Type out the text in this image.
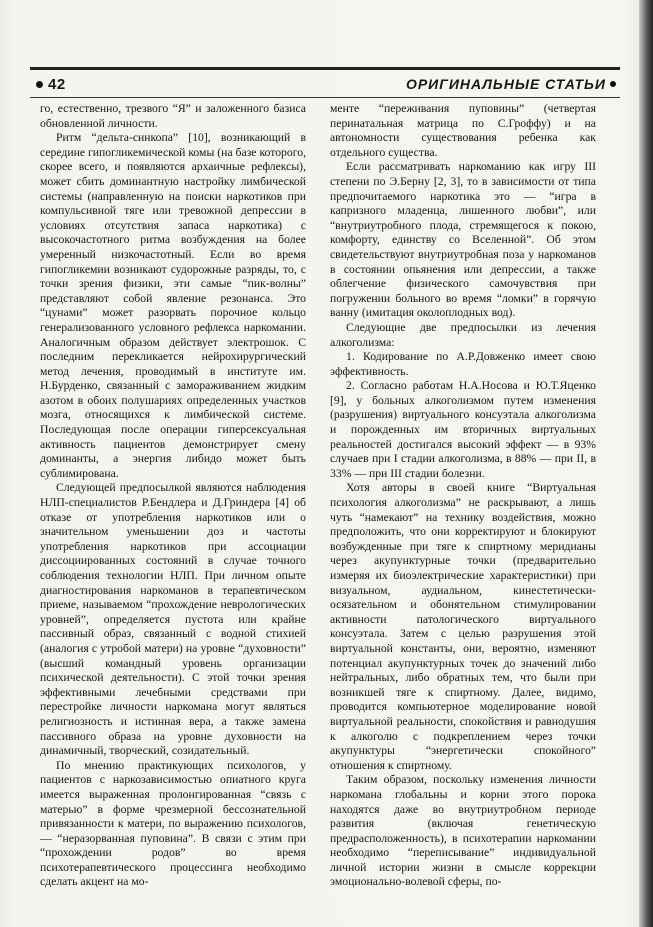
42	ОРИГИНАЛЬНЫЕ СТАТЬИ

го, естественно, трезвого “Я” и заложенного базиса обновленной личности.

Ритм “дельта-синкопа” [10], возникающий в середине гипогликемической комы (на базе которого, скорее всего, и появляются архаичные рефлексы), может сбить доминантную настройку лимбической системы (направленную на поиски наркотиков при компульсивной тяге или тревожной депрессии в условиях отсутствия запаса наркотика) с высокочастотного ритма возбуждения на более умеренный низкочастотный. Если во время гипогликемии возникают судорожные разряды, то, с точки зрения физики, эти самые “пик-волны” представляют собой явление резонанса. Это “цунами” может разорвать порочное кольцо генерализованного условного рефлекса наркомании. Аналогичным образом действует электрошок. С последним перекликается нейрохирургический метод лечения, проводимый в институте им. Н.Бурденко, связанный с замораживанием жидким азотом в обоих полушариях определенных участков мозга, относящихся к лимбической системе. Последующая после операции гиперсексуальная активность пациентов демонстрирует смену доминанты, а энергия либидо может быть сублимирована.

Следующей предпосылкой являются наблюдения НЛП-специалистов Р.Бендлера и Д.Гриндера [4] об отказе от употребления наркотиков или о значительном уменьшении доз и частоты употребления наркотиков при ассоциации диссоциированных состояний в случае точного соблюдения технологии НЛП. При личном опыте диагностирования наркоманов в терапевтическом приеме, называемом “прохождение неврологических уровней”, определяется пустота или крайне пассивный образ, связанный с водной стихией (аналогия с утробой матери) на уровне “духовности” (высший командный уровень организации психической деятельности). С этой точки зрения эффективными лечебными средствами при перестройке личности наркомана могут являться религиозность и истинная вера, а также замена пассивного образа на уровне духовности на динамичный, творческий, созидательный.

По мнению практикующих психологов, у пациентов с наркозависимостью опиатного круга имеется выраженная пролонгированная “связь с матерью” в форме чрезмерной бессознательной привязанности к матери, по выражению психологов, — “неразорванная пуповина”. В связи с этим при “прохождении родов” во время психотерапевтического процессинга необходимо сделать акцент на мо-

менте “переживания пуповины” (четвертая перинатальная матрица по С.Гроффу) и на автономности существования ребенка как отдельного существа.

Если рассматривать наркоманию как игру III степени по Э.Берну [2, 3], то в зависимости от типа предпочитаемого наркотика это — “игра в капризного младенца, лишенного любви”, или “внутриутробного плода, стремящегося к покою, комфорту, единству со Вселенной”. Об этом свидетельствуют внутриутробная поза у наркоманов в состоянии опьянения или депрессии, а также облегчение физического самочувствия при погружении больного во время “ломки” в горячую ванну (имитация околоплодных вод).

Следующие две предпосылки из лечения алкоголизма:

1. Кодирование по А.Р.Довженко имеет свою эффективность.

2. Согласно работам Н.А.Носова и Ю.Т.Яценко [9], у больных алкоголизмом путем изменения (разрушения) виртуального консуэтала алкоголизма и порожденных им вторичных виртуальных реальностей достигался высокий эффект — в 93% случаев при I стадии алкоголизма, в 88% — при II, в 33% — при III стадии болезни.

Хотя авторы в своей книге “Виртуальная психология алкоголизма” не раскрывают, а лишь чуть “намекают” на технику воздействия, можно предположить, что они корректируют и блокируют возбужденные при тяге к спиртному меридианы через акупунктурные точки (предварительно измеряя их биоэлектрические характеристики) при визуальном, аудиальном, кинестетически-осязательном и обонятельном стимулировании активности патологического виртуального консуэтала. Затем с целью разрушения этой виртуальной константы, они, вероятно, изменяют потенциал акупунктурных точек до значений либо нейтральных, либо обратных тем, что были при возникшей тяге к спиртному. Далее, видимо, проводится компьютерное моделирование новой виртуальной реальности, спокойствия и равнодушия к алкоголю с подкреплением через точки акупунктуры “энергетически спокойного” отношения к спиртному.

Таким образом, поскольку изменения личности наркомана глобальны и корни этого порока находятся даже во внутриутробном периоде развития (включая генетическую предрасположенность), в психотерапии наркомании необходимо “переписывание” индивидуальной личной истории жизни в смысле коррекции эмоционально-волевой сферы, по-
